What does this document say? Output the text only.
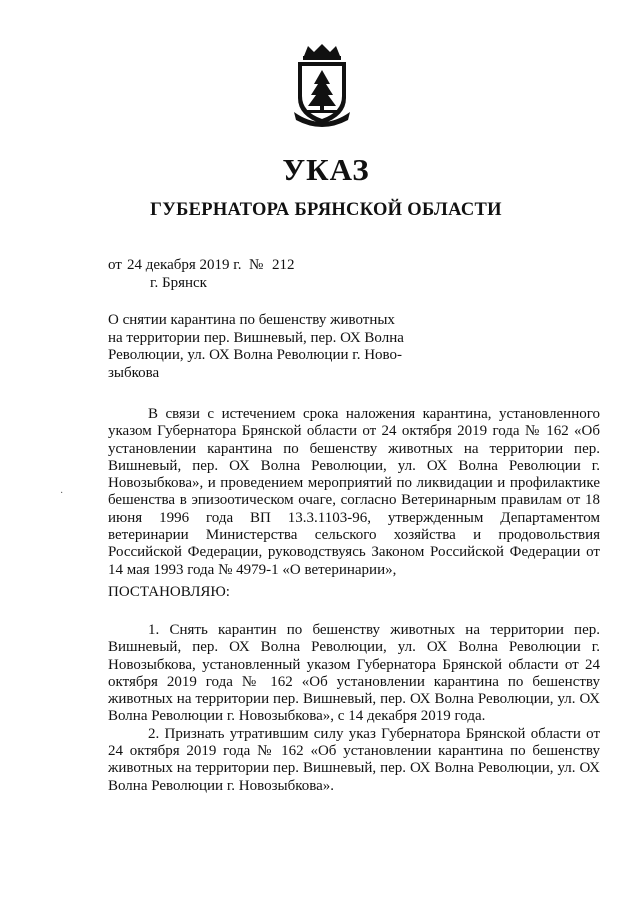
УКАЗ
ГУБЕРНАТОРА БРЯНСКОЙ ОБЛАСТИ
от 24 декабря 2019 г. № 212
г. Брянск
О снятии карантина по бешенству животных
на территории пер. Вишневый, пер. ОХ Волна
Революции, ул. ОХ Волна Революции г. Ново-
зыбкова

В связи с истечением срока наложения карантина, установленного указом Губернатора Брянской области от 24 октября 2019 года № 162 «Об установлении карантина по бешенству животных на территории пер. Вишневый, пер. ОХ Волна Революции, ул. ОХ Волна Революции г. Новозыбкова», и проведением мероприятий по ликвидации и профилактике бешенства в эпизоотическом очаге, согласно Ветеринарным правилам от 18 июня 1996 года ВП 13.3.1103-96, утвержденным Департаментом ветеринарии Министерства сельского хозяйства и продовольствия Российской Федерации, руководствуясь Законом Российской Федерации от 14 мая 1993 года № 4979-1 «О ветеринарии»,

ПОСТАНОВЛЯЮ:

1. Снять карантин по бешенству животных на территории пер. Вишневый, пер. ОХ Волна Революции, ул. ОХ Волна Революции г. Новозыбкова, установленный указом Губернатора Брянской области от 24 октября 2019 года № 162 «Об установлении карантина по бешенству животных на территории пер. Вишневый, пер. ОХ Волна Революции, ул. ОХ Волна Революции г. Новозыбкова», с 14 декабря 2019 года.

2. Признать утратившим силу указ Губернатора Брянской области от 24 октября 2019 года № 162 «Об установлении карантина по бешенству животных на территории пер. Вишневый, пер. ОХ Волна Революции, ул. ОХ Волна Революции г. Новозыбкова».

·
